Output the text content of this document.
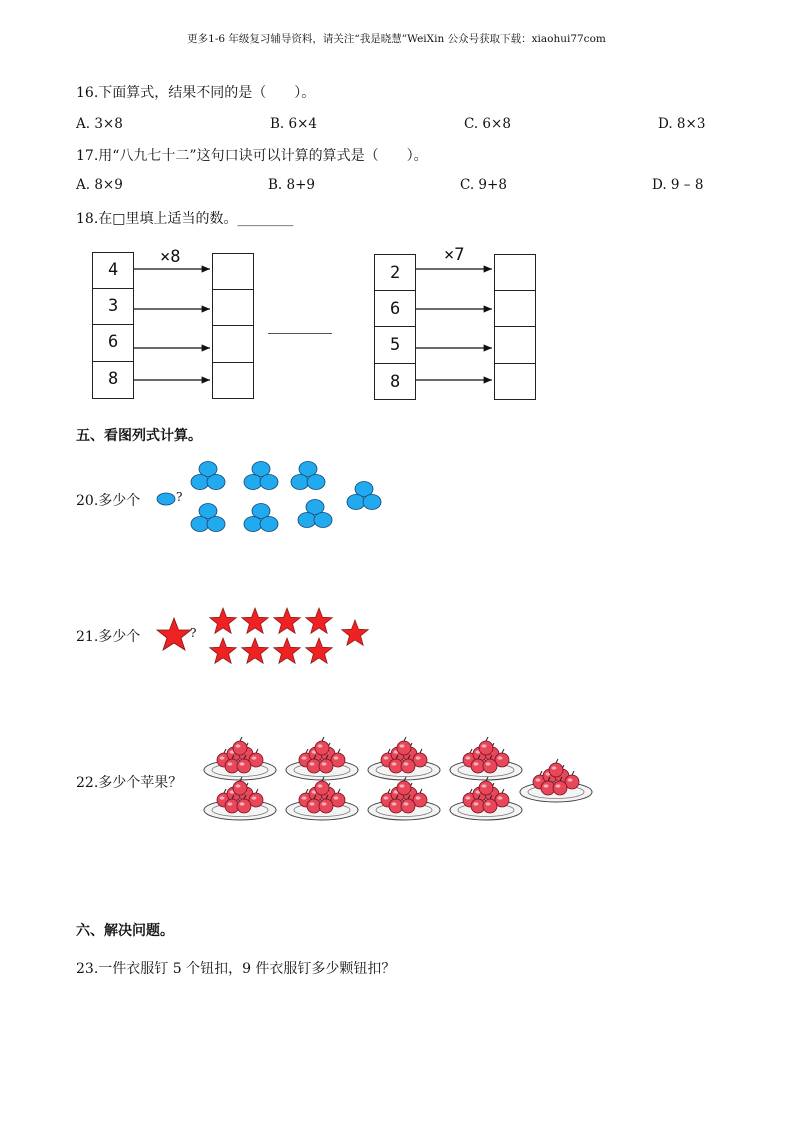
更多1-6 年级复习辅导资料，请关注“我是晓慧”WeiXin 公众号获取下载：xiaohui77com
16.下面算式，结果不同的是（　　）。
A. 3×8	B. 6×4	C. 6×8	D. 8×3
17.用“八九七十二”这句口诀可以计算的算式是（　　）。
A. 8×9	B. 8+9	C. 9+8	D. 9 – 8
18.在□里填上适当的数。________
×8
4
3
6
8
×7
2
6
5
8
五、看图列式计算。
20.多少个	?
21.多少个	?
22.多少个苹果？
六、解决问题。
23.一件衣服钉 5 个钮扣，9 件衣服钉多少颗钮扣？
